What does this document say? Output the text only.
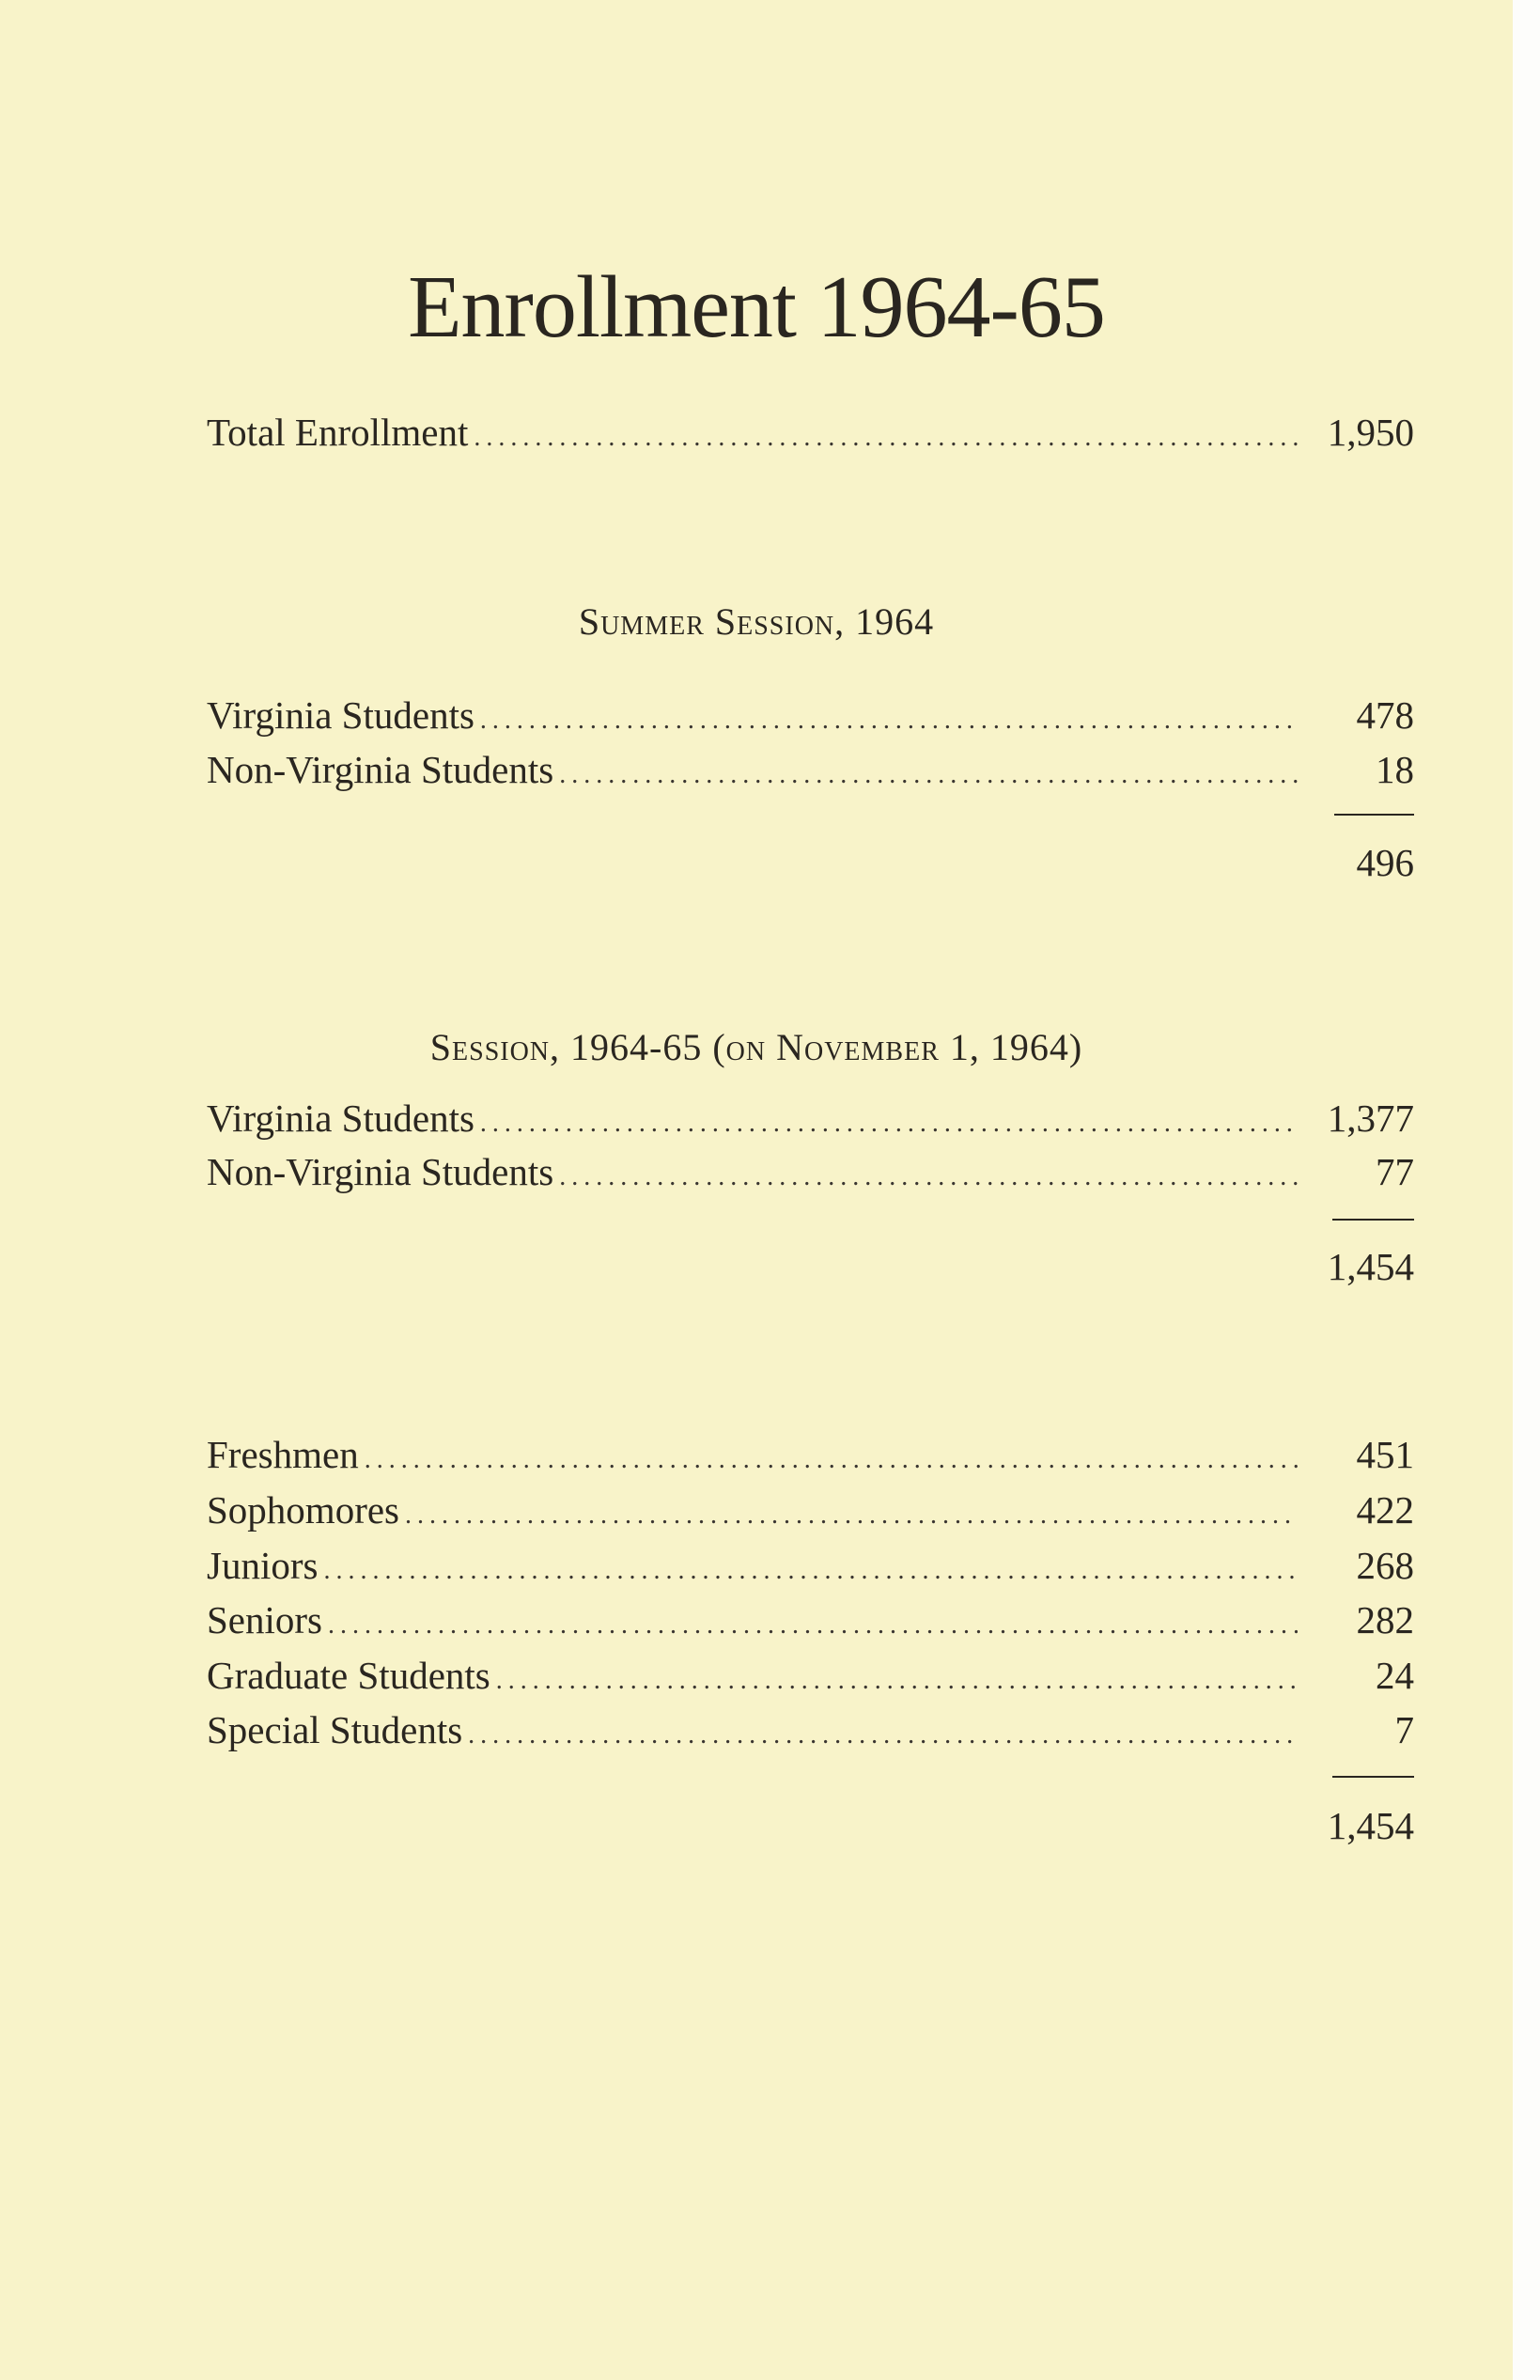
Enrollment 1964-65
Total Enrollment .....	1,950
Summer Session, 1964
Virginia Students .....	478
Non-Virginia Students .....	18
496
Session, 1964-65 (on November 1, 1964)
Virginia Students .....	1,377
Non-Virginia Students .....	77
1,454
Freshmen .....	451
Sophomores .....	422
Juniors .....	268
Seniors .....	282
Graduate Students .....	24
Special Students .....	7
1,454
